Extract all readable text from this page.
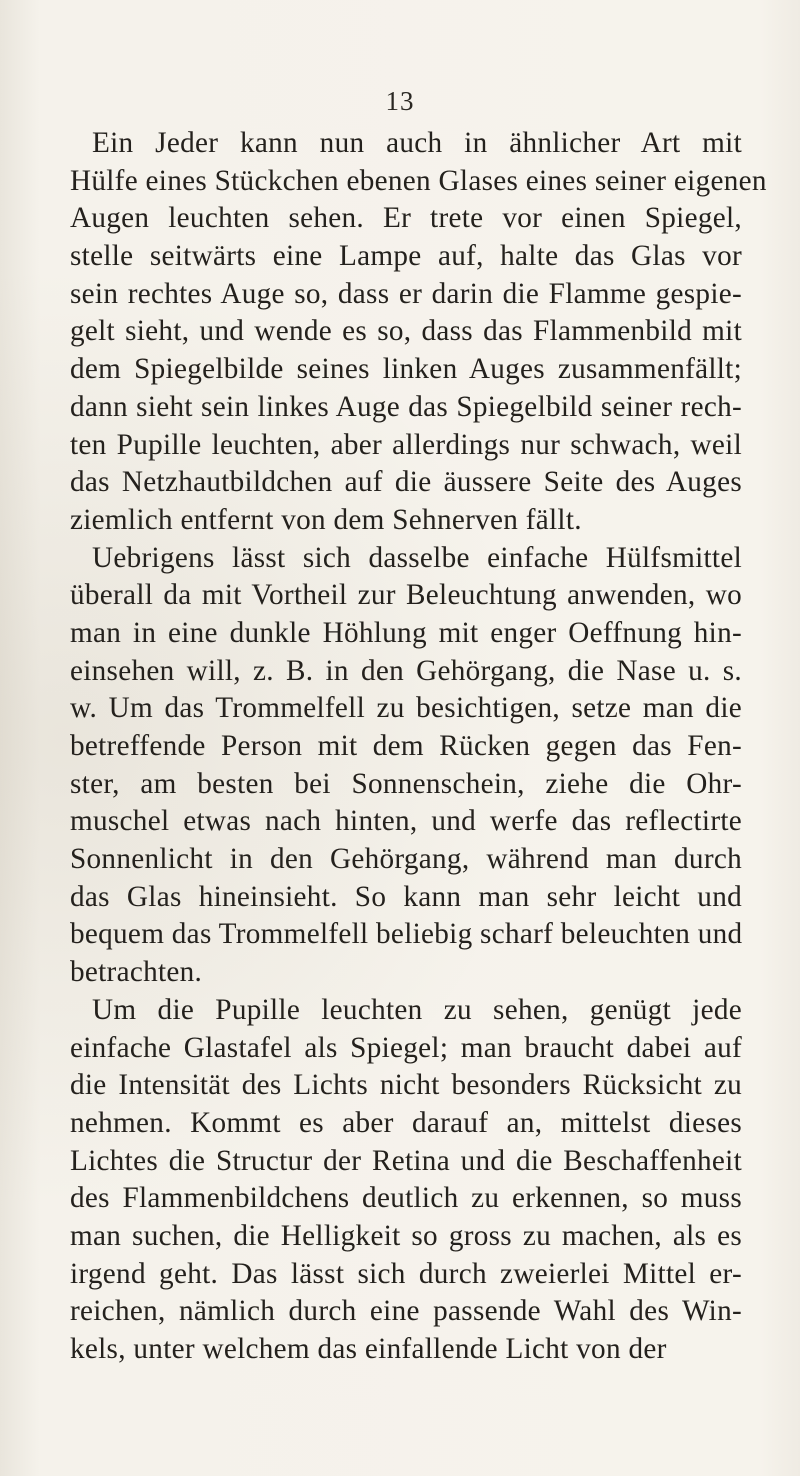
13
Ein Jeder kann nun auch in ähnlicher Art mit
Hülfe eines Stückchen ebenen Glases eines seiner eigenen
Augen leuchten sehen. Er trete vor einen Spiegel,
stelle seitwärts eine Lampe auf, halte das Glas vor
sein rechtes Auge so, dass er darin die Flamme gespie-
gelt sieht, und wende es so, dass das Flammenbild mit
dem Spiegelbilde seines linken Auges zusammenfällt;
dann sieht sein linkes Auge das Spiegelbild seiner rech-
ten Pupille leuchten, aber allerdings nur schwach, weil
das Netzhautbildchen auf die äussere Seite des Auges
ziemlich entfernt von dem Sehnerven fällt.
Uebrigens lässt sich dasselbe einfache Hülfsmittel
überall da mit Vortheil zur Beleuchtung anwenden, wo
man in eine dunkle Höhlung mit enger Oeffnung hin-
einsehen will, z. B. in den Gehörgang, die Nase u. s.
w. Um das Trommelfell zu besichtigen, setze man die
betreffende Person mit dem Rücken gegen das Fen-
ster, am besten bei Sonnenschein, ziehe die Ohr-
muschel etwas nach hinten, und werfe das reflectirte
Sonnenlicht in den Gehörgang, während man durch
das Glas hineinsieht. So kann man sehr leicht und
bequem das Trommelfell beliebig scharf beleuchten und
betrachten.
Um die Pupille leuchten zu sehen, genügt jede
einfache Glastafel als Spiegel; man braucht dabei auf
die Intensität des Lichts nicht besonders Rücksicht zu
nehmen. Kommt es aber darauf an, mittelst dieses
Lichtes die Structur der Retina und die Beschaffenheit
des Flammenbildchens deutlich zu erkennen, so muss
man suchen, die Helligkeit so gross zu machen, als es
irgend geht. Das lässt sich durch zweierlei Mittel er-
reichen, nämlich durch eine passende Wahl des Win-
kels, unter welchem das einfallende Licht von der
